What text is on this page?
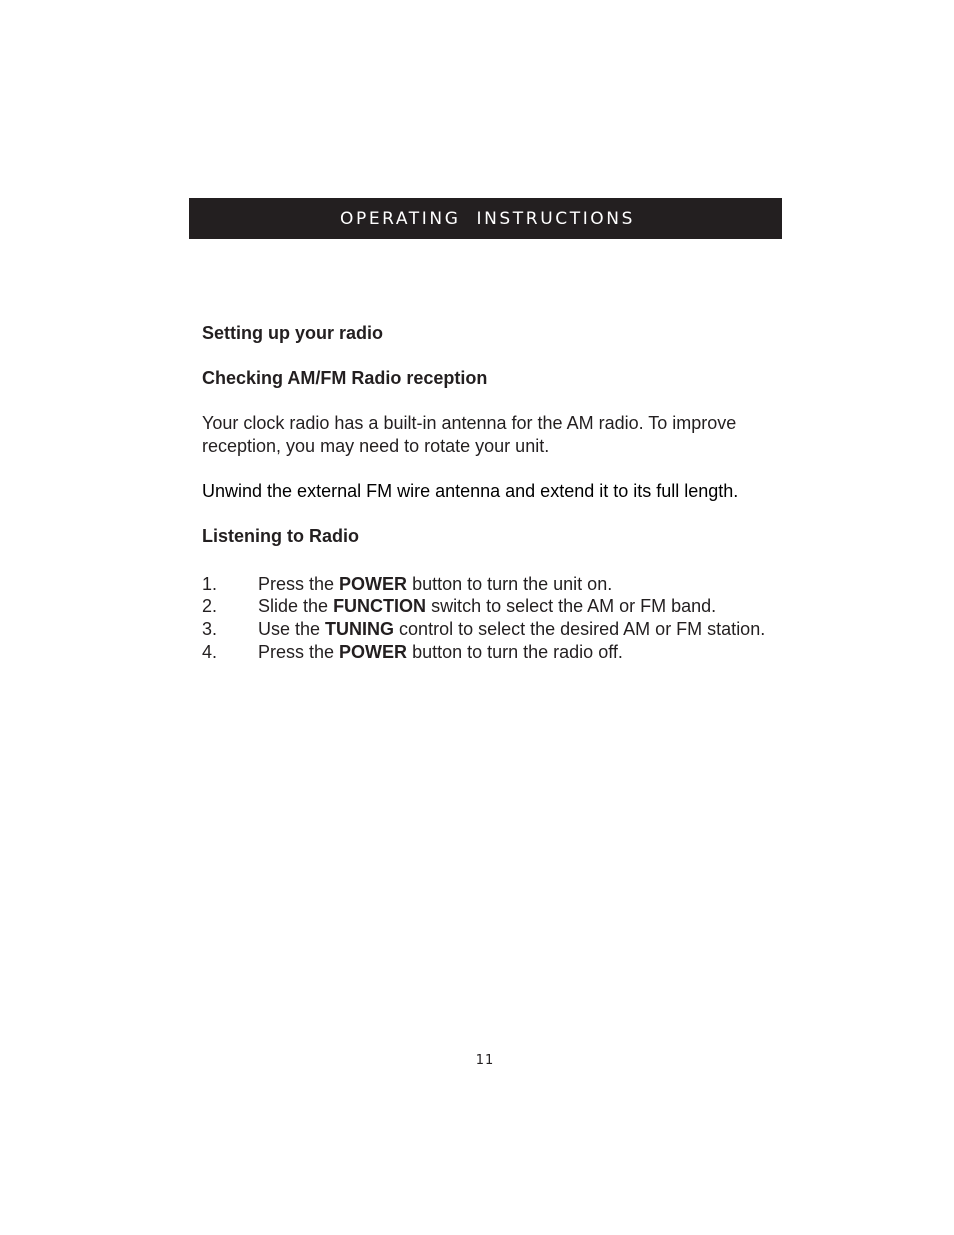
OPERATING INSTRUCTIONS

Setting up your radio

Checking AM/FM Radio reception

Your clock radio has a built-in antenna for the AM radio. To improve

reception, you may need to rotate your unit.

Unwind the external FM wire antenna and extend it to its full length.

Listening to Radio

1. Press the POWER button to turn the unit on.
2. Slide the FUNCTION switch to select the AM or FM band.
3. Use the TUNING control to select the desired AM or FM station.
4. Press the POWER button to turn the radio off.
11
